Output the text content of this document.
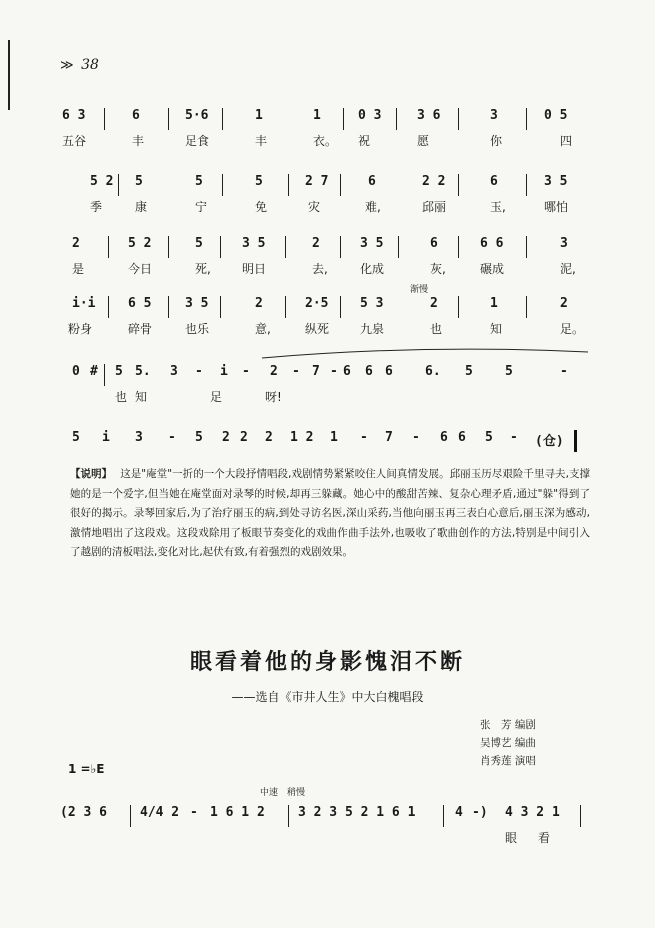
≫ 38
6 3	6	5·6	1	1	0 3	3 6	3	0 5
五谷	丰	足食	丰	衣。 祝	愿	你	四
5 2 5	5	5	2 7	6	2 2	6	3 5
季	康	宁	免	灾	难,	邱丽	玉,	哪怕
2	5 2	5	3 5	2	3 5	6	6 6	3
是	今日	死,	明日	去,	化成	灰,	碾成	泥,
渐慢
i·i	6 5	3 5	2	2·5 5 3	2	1	2
粉身	碎骨	也乐	意,	纵死	九泉	也	知	足。
0 # 5 5. 3 - i - 2 - 7 - 6 6 6 6. 5 5	-
也 知	足	呀!
5 i 3 - 5 2 2 2 1 2 1 - 7 - 6 6 5 - (仓)
【说明】 这是"庵堂"一折的一个大段抒情唱段,戏剧情势紧紧咬住人间真情发展。邱丽玉历尽艰险千里寻夫,支撑她的是一个爱字,但当她在庵堂面对录琴的时候,却再三躲藏。她心中的酸甜苦辣、复杂心理矛盾,通过"躲"得到了很好的揭示。录琴回家后,为了治疗丽玉的病,到处寻访名医,深山采药,当他向丽玉再三表白心意后,丽玉深为感动,激情地唱出了这段戏。这段戏除用了板眼节奏变化的戏曲作曲手法外,也吸收了歌曲创作的方法,特别是中间引入了越剧的清板唱法,变化对比,起伏有致,有着强烈的戏剧效果。
眼看着他的身影愧泪不断
——选自《市井人生》中大白槐唱段
张　芳 编剧
吴博艺 编曲
肖秀莲 演唱
1 =♭E
中速　稍慢
(2 3 6	4/4 2 - 1 6 1 2	3 2 3 5 2 1 6 1	4 -) 4 3 2 1
眼 看
